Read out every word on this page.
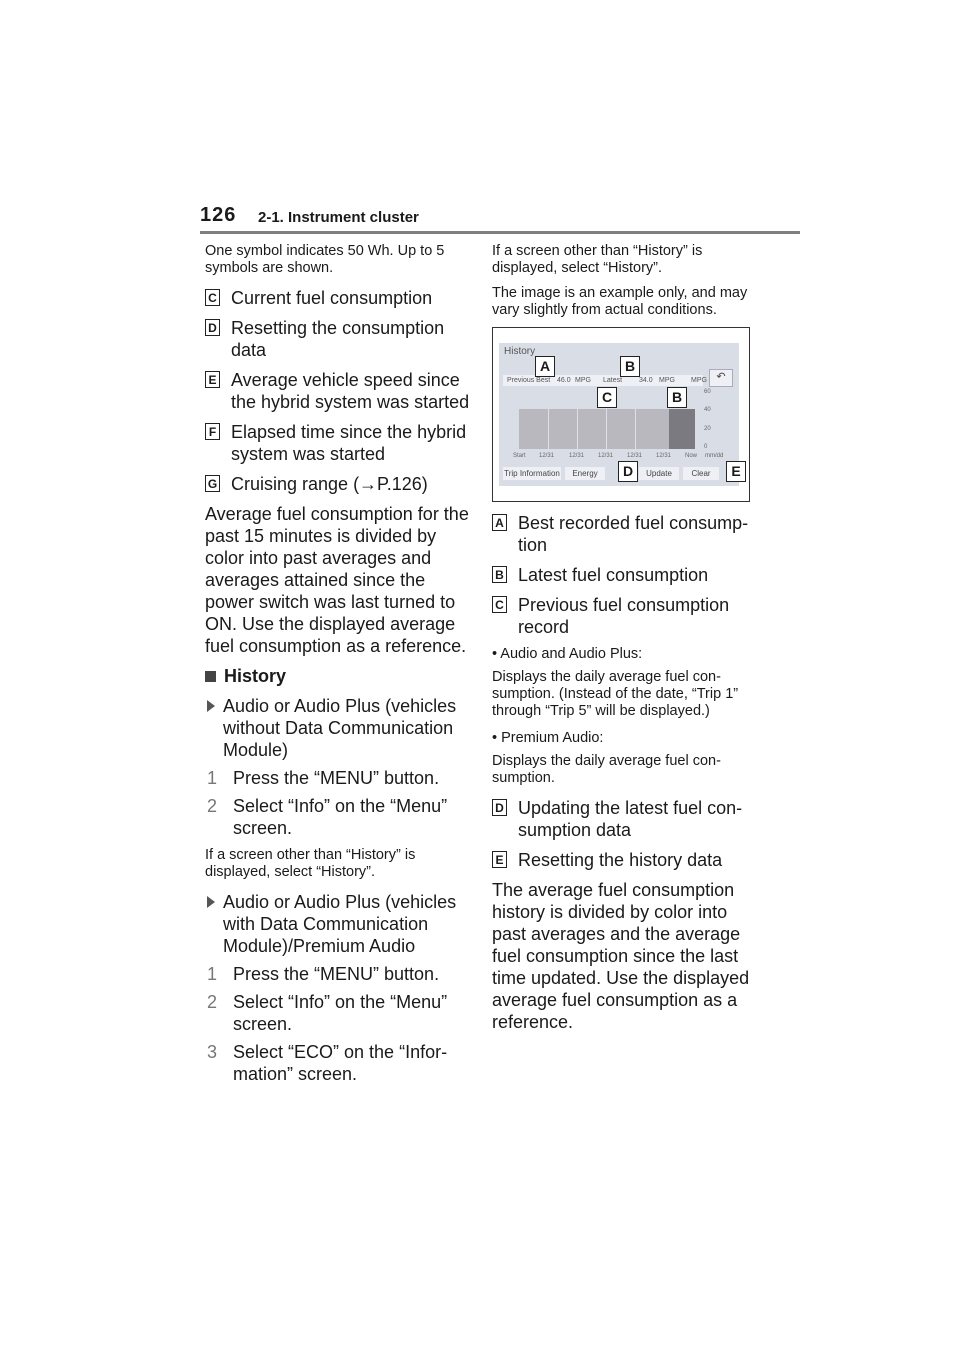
126 2-1. Instrument cluster

One symbol indicates 50 Wh. Up to 5 symbols are shown.

C Current fuel consumption
D Resetting the consumption data
E Average vehicle speed since the hybrid system was started
F Elapsed time since the hybrid system was started
G Cruising range (→P.126)

Average fuel consumption for the past 15 minutes is divided by color into past averages and averages attained since the power switch was last turned to ON. Use the displayed average fuel consumption as a reference.

History
Audio or Audio Plus (vehicles without Data Communication Module)
1 Press the “MENU” button.
2 Select “Info” on the “Menu” screen.

If a screen other than “History” is displayed, select “History”.

Audio or Audio Plus (vehicles with Data Communication Module)/Premium Audio
1 Press the “MENU” button.
2 Select “Info” on the “Menu” screen.
3 Select “ECO” on the “Information” screen.

If a screen other than “History” is displayed, select “History”.

The image is an example only, and may vary slightly from actual conditions.

History
Previous Best 46.0 MPG Latest 34.0 MPG MPG ↶
Start 12/31 12/31 12/31 12/31 12/31 Now mm/dd
60
40
20
0
Trip Information	Energy	Update	Clear
A	B
C	B
D	E
A Best recorded fuel consumption
B Latest fuel consumption
C Previous fuel consumption record

• Audio and Audio Plus:

Displays the daily average fuel consumption. (Instead of the date, “Trip 1” through “Trip 5” will be displayed.)

• Premium Audio:

Displays the daily average fuel consumption.

D Updating the latest fuel consumption data
E Resetting the history data

The average fuel consumption history is divided by color into past averages and the average fuel consumption since the last time updated. Use the displayed average fuel consumption as a reference.
